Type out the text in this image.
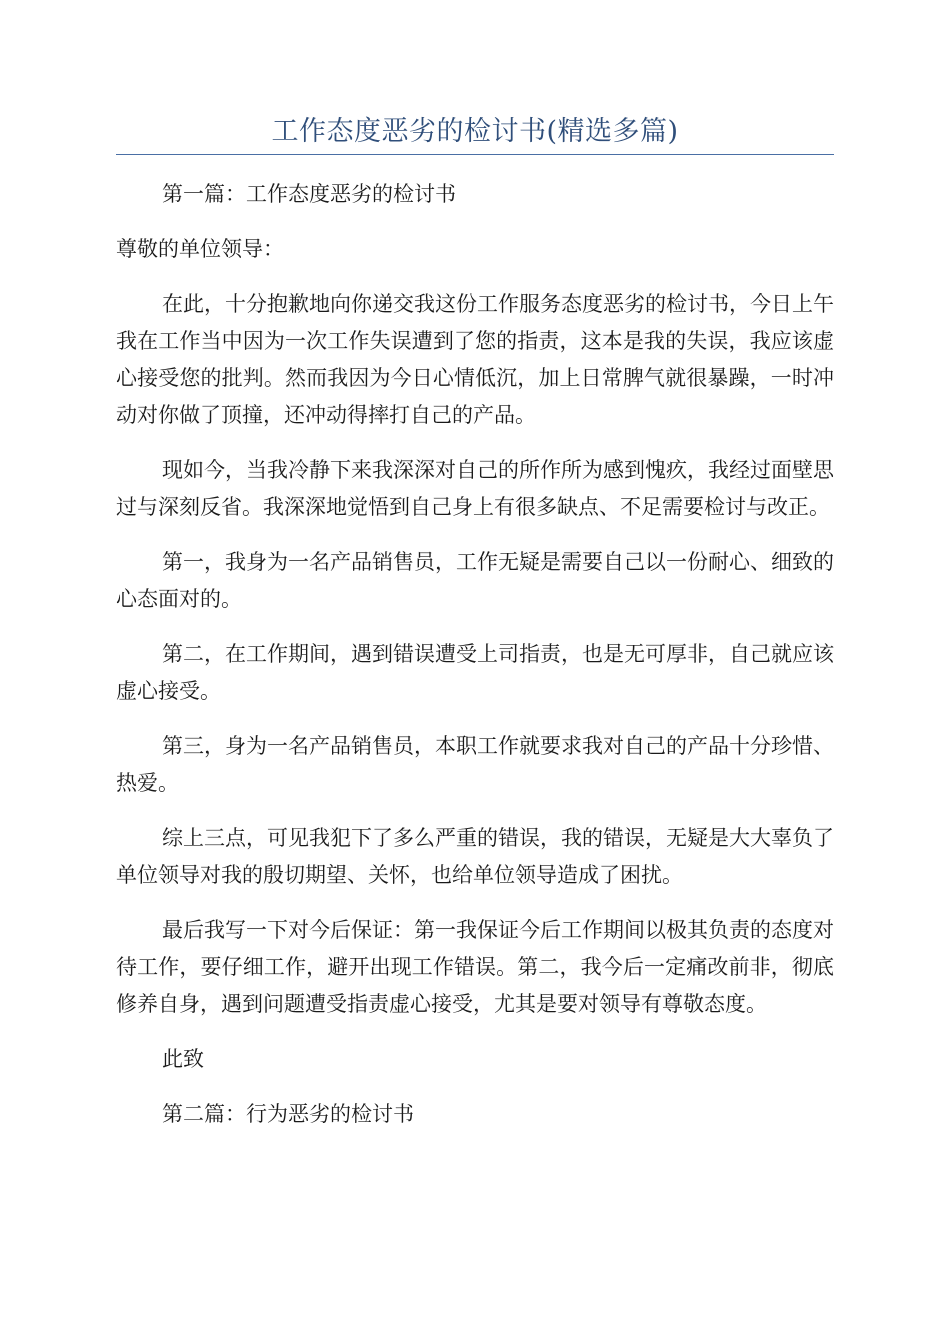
工作态度恶劣的检讨书(精选多篇)

第一篇：工作态度恶劣的检讨书

尊敬的单位领导：

在此，十分抱歉地向你递交我这份工作服务态度恶劣的检讨书，今日上午我在工作当中因为一次工作失误遭到了您的指责，这本是我的失误，我应该虚心接受您的批判。然而我因为今日心情低沉，加上日常脾气就很暴躁，一时冲动对你做了顶撞，还冲动得摔打自己的产品。

现如今，当我冷静下来我深深对自己的所作所为感到愧疚，我经过面壁思过与深刻反省。我深深地觉悟到自己身上有很多缺点、不足需要检讨与改正。

第一，我身为一名产品销售员，工作无疑是需要自己以一份耐心、细致的心态面对的。

第二，在工作期间，遇到错误遭受上司指责，也是无可厚非，自己就应该虚心接受。

第三，身为一名产品销售员，本职工作就要求我对自己的产品十分珍惜、热爱。

综上三点，可见我犯下了多么严重的错误，我的错误，无疑是大大辜负了单位领导对我的殷切期望、关怀，也给单位领导造成了困扰。

最后我写一下对今后保证：第一我保证今后工作期间以极其负责的态度对待工作，要仔细工作，避开出现工作错误。第二，我今后一定痛改前非，彻底修养自身，遇到问题遭受指责虚心接受，尤其是要对领导有尊敬态度。

此致

第二篇：行为恶劣的检讨书
